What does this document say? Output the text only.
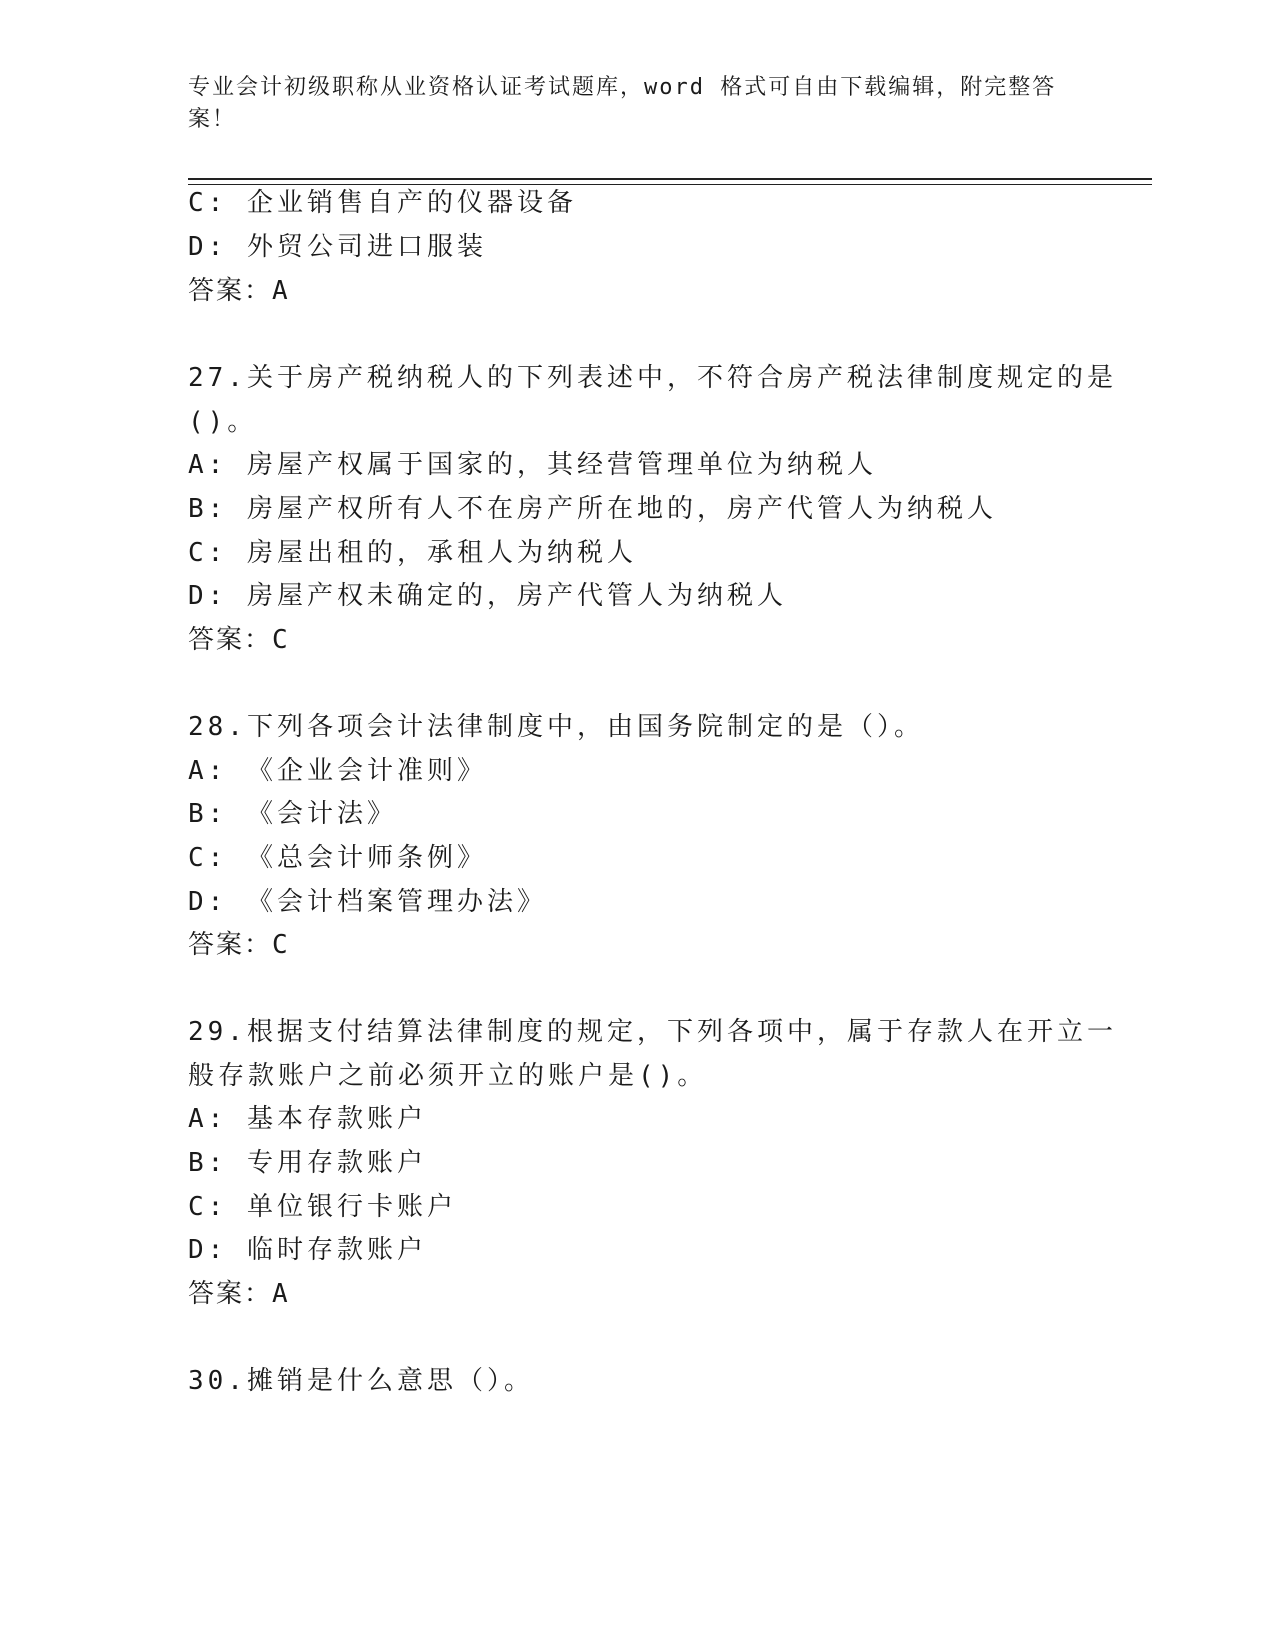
专业会计初级职称从业资格认证考试题库，word 格式可自由下载编辑，附完整答案！
C: 企业销售自产的仪器设备
D: 外贸公司进口服装
答案：A
27.关于房产税纳税人的下列表述中，不符合房产税法律制度规定的是
()。
A: 房屋产权属于国家的，其经营管理单位为纳税人
B: 房屋产权所有人不在房产所在地的，房产代管人为纳税人
C: 房屋出租的，承租人为纳税人
D: 房屋产权未确定的，房产代管人为纳税人
答案：C
28.下列各项会计法律制度中，由国务院制定的是（）。
A: 《企业会计准则》
B: 《会计法》
C: 《总会计师条例》
D: 《会计档案管理办法》
答案：C
29.根据支付结算法律制度的规定，下列各项中，属于存款人在开立一
般存款账户之前必须开立的账户是()。
A: 基本存款账户
B: 专用存款账户
C: 单位银行卡账户
D: 临时存款账户
答案：A
30.摊销是什么意思（）。
